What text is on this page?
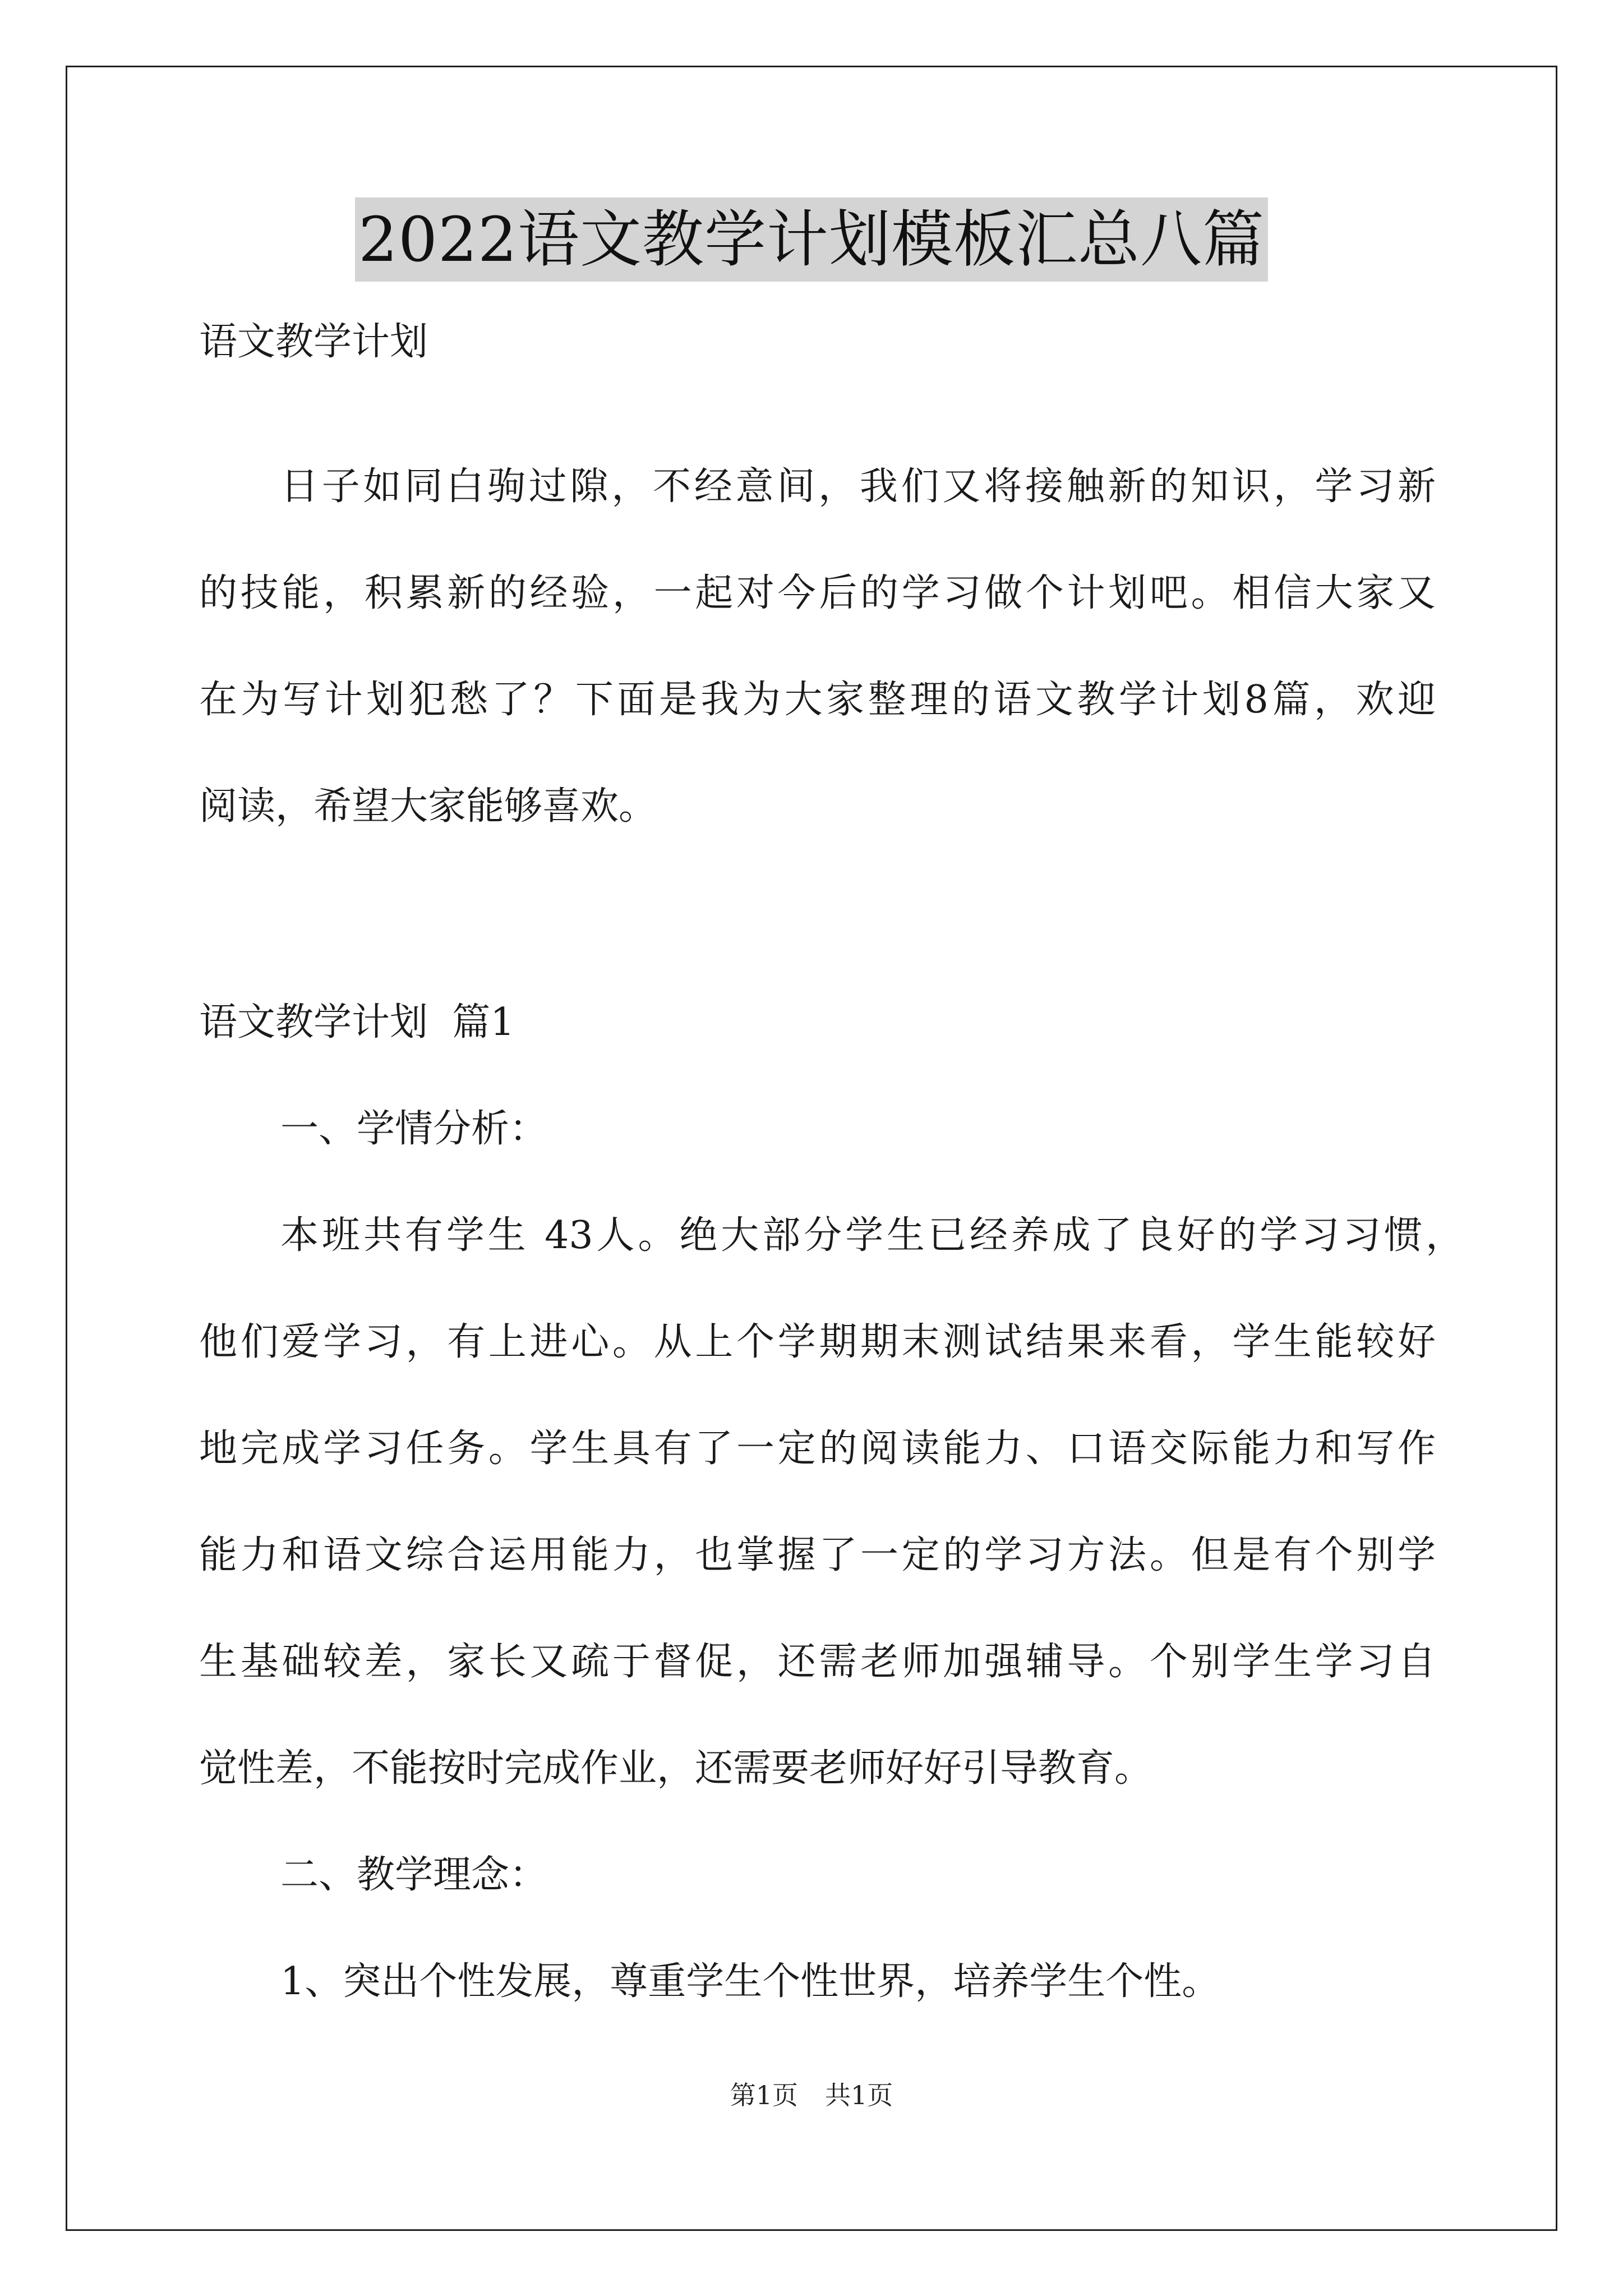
2022语文教学计划模板汇总八篇
语文教学计划
日子如同白驹过隙，不经意间，我们又将接触新的知识，学习新
的技能，积累新的经验，一起对今后的学习做个计划吧。相信大家又
在为写计划犯愁了？下面是我为大家整理的语文教学计划8篇，欢迎
阅读，希望大家能够喜欢。
语文教学计划  篇1
一、学情分析：
本班共有学生 43人。绝大部分学生已经养成了良好的学习习惯，
他们爱学习，有上进心。从上个学期期末测试结果来看，学生能较好
地完成学习任务。学生具有了一定的阅读能力、口语交际能力和写作
能力和语文综合运用能力，也掌握了一定的学习方法。但是有个别学
生基础较差，家长又疏于督促，还需老师加强辅导。个别学生学习自
觉性差，不能按时完成作业，还需要老师好好引导教育。
二、教学理念：
1、突出个性发展，尊重学生个性世界，培养学生个性。
第1页 共1页
